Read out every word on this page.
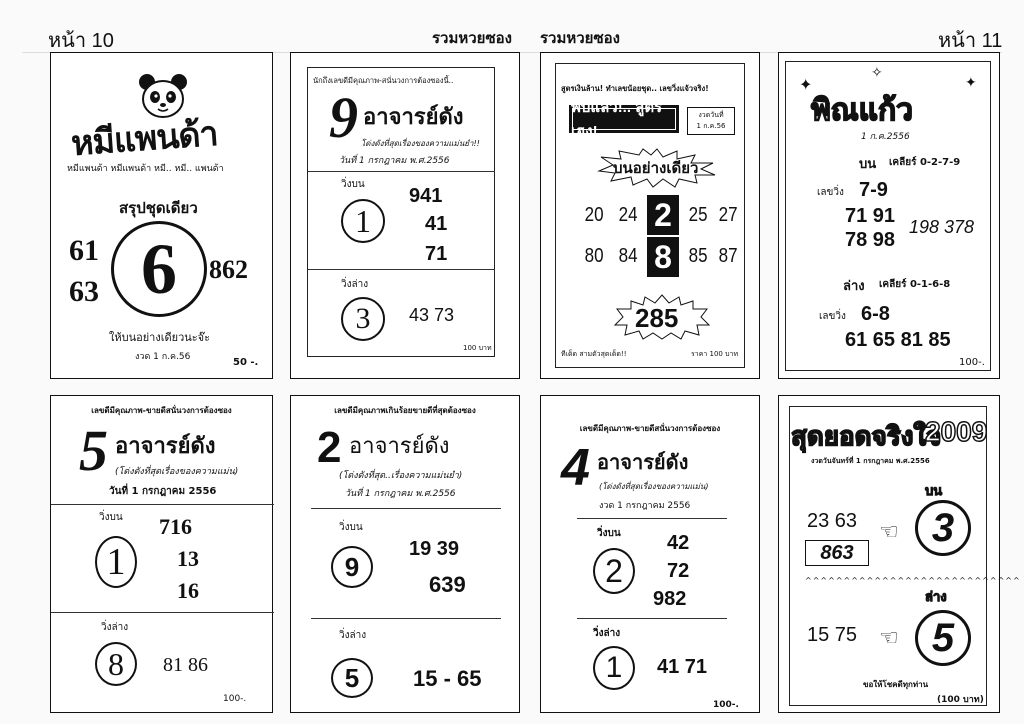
หน้า 10	รวมหวยซอง รวมหวยซอง	หน้า 11
หมีแพนด้า
หมีแพนด้า หมีแพนด้า หมี.. หมี.. แพนด้า
สรุปชุดเดียว
61
63 6	862
ให้บนอย่างเดียวนะจ๊ะ
งวด 1 ก.ค.56	50 -.
นักถึงเลขดีมีคุณภาพ-สนั่นวงการต้องซองนี้..
9 อาจารย์ดัง
โด่งดังที่สุดเรื่องของความแม่นยำ!!
วันที่ 1 กรกฎาคม พ.ศ.2556
วิ่งบน
1
941
41
71
วิ่งล่าง
3	43 73
100 บาท
สูตรเงินล้าน! ทำเลขน้อยชุด.. เลขวิ่งแจ้วจริง!
พบแล้ว!.. สูตรเฮง!
งวดวันที่
1 ก.ค.56
บนอย่างเดียว
20 24 2 25 27
80 84 8 85 87
285
ทีเด็ด สามตัวสุดเด็ด!!	ราคา 100 บาท
✦
✧
✦
พิณแก้ว
1 ก.ค.2556
บน เคลียร์ 0-2-7-9
เลขวิ่ง 7-9
71 91
78 98
198 378
ล่าง เคลียร์ 0-1-6-8
เลขวิ่ง 6-8
61 65 81 85
100-.
เลขดีมีคุณภาพ-ขายดีสนั่นวงการต้องซอง
5 อาจารย์ดัง
(โด่งดังที่สุดเรื่องของความแม่น)
วันที่ 1 กรกฎาคม 2556
วิ่งบน
1
716
13
16
วิ่งล่าง
8	81 86
100-.
เลขดีมีคุณภาพเกินร้อยขายดีที่สุดต้องซอง
2 อาจารย์ดัง
(โด่งดังที่สุด..เรื่องความแม่นยำ)
วันที่ 1 กรกฎาคม พ.ศ.2556
วิ่งบน
9
19 39
639
วิ่งล่าง
5	15 - 65
เลขดีมีคุณภาพ-ขายดีสนั่นวงการต้องซอง
4 อาจารย์ดัง
(โด่งดังที่สุดเรื่องของความแม่น)
งวด 1 กรกฎาคม 2556
วิ่งบน
2
42
72
982
วิ่งล่าง
1	41 71
100-.
สุดยอดจริงใจ
2009
งวดวันจันทร์ที่ 1 กรกฎาคม พ.ศ.2556
บน
23 63
863
☜ 3
^^^^^^^^^^^^^^^^^^^^^^^^^^^^
ล่าง
15 75 ☜ 5
ขอให้โชคดีทุกท่าน
(100 บาท)
